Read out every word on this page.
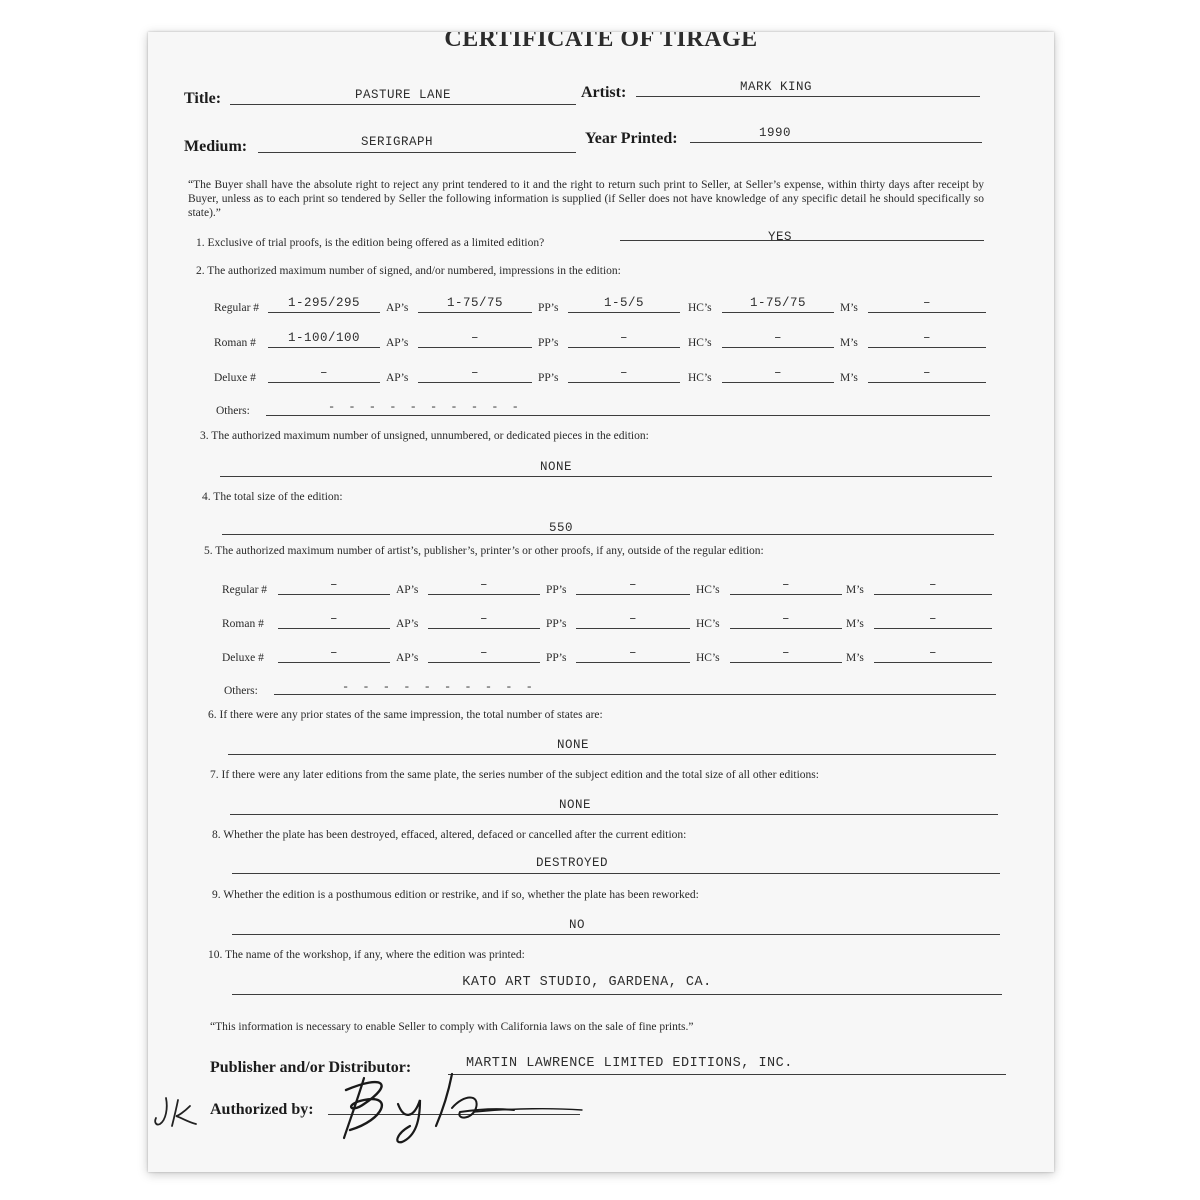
CERTIFICATE OF TIRAGE
Title:	PASTURE LANE	Artist:	MARK KING
Medium:	SERIGRAPH	Year Printed:	1990
“The Buyer shall have the absolute right to reject any print tendered to it and the right to return such print to Seller, at Seller’s expense, within thirty days after receipt by Buyer, unless as to each print so tendered by Seller the following information is supplied (if Seller does not have knowledge of any specific detail he should specifically so state).”
1. Exclusive of trial proofs, is the edition being offered as a limited edition?	YES
2. The authorized maximum number of signed, and/or numbered, impressions in the edition:
Others:	- - - - - - - - - -
3. The authorized maximum number of unsigned, unnumbered, or dedicated pieces in the edition:
NONE
4. The total size of the edition:
550
5. The authorized maximum number of artist’s, publisher’s, printer’s or other proofs, if any, outside of the regular edition:
Others:	- - - - - - - - - -
6. If there were any prior states of the same impression, the total number of states are:
NONE
7. If there were any later editions from the same plate, the series number of the subject edition and the total size of all other editions:
NONE
8. Whether the plate has been destroyed, effaced, altered, defaced or cancelled after the current edition:
DESTROYED
9. Whether the edition is a posthumous edition or restrike, and if so, whether the plate has been reworked:
NO
10. The name of the workshop, if any, where the edition was printed:
KATO ART STUDIO, GARDENA, CA.
“This information is necessary to enable Seller to comply with California laws on the sale of fine prints.”
Publisher and/or Distributor:	MARTIN LAWRENCE LIMITED EDITIONS, INC.
Authorized by:
Regular #	1-295/295	AP’s	1-75/75	PP’s	1-5/5	HC’s	1-75/75	M’s	–
Roman #	1-100/100	AP’s	–	PP’s	–	HC’s	–	M’s	–
Deluxe #	–	AP’s	–	PP’s	–	HC’s	–	M’s	–
Regular #	–	AP’s	–	PP’s	–	HC’s	–	M’s	–
Roman #	–	AP’s	–	PP’s	–	HC’s	–	M’s	–
Deluxe #	–	AP’s	–	PP’s	–	HC’s	–	M’s	–
